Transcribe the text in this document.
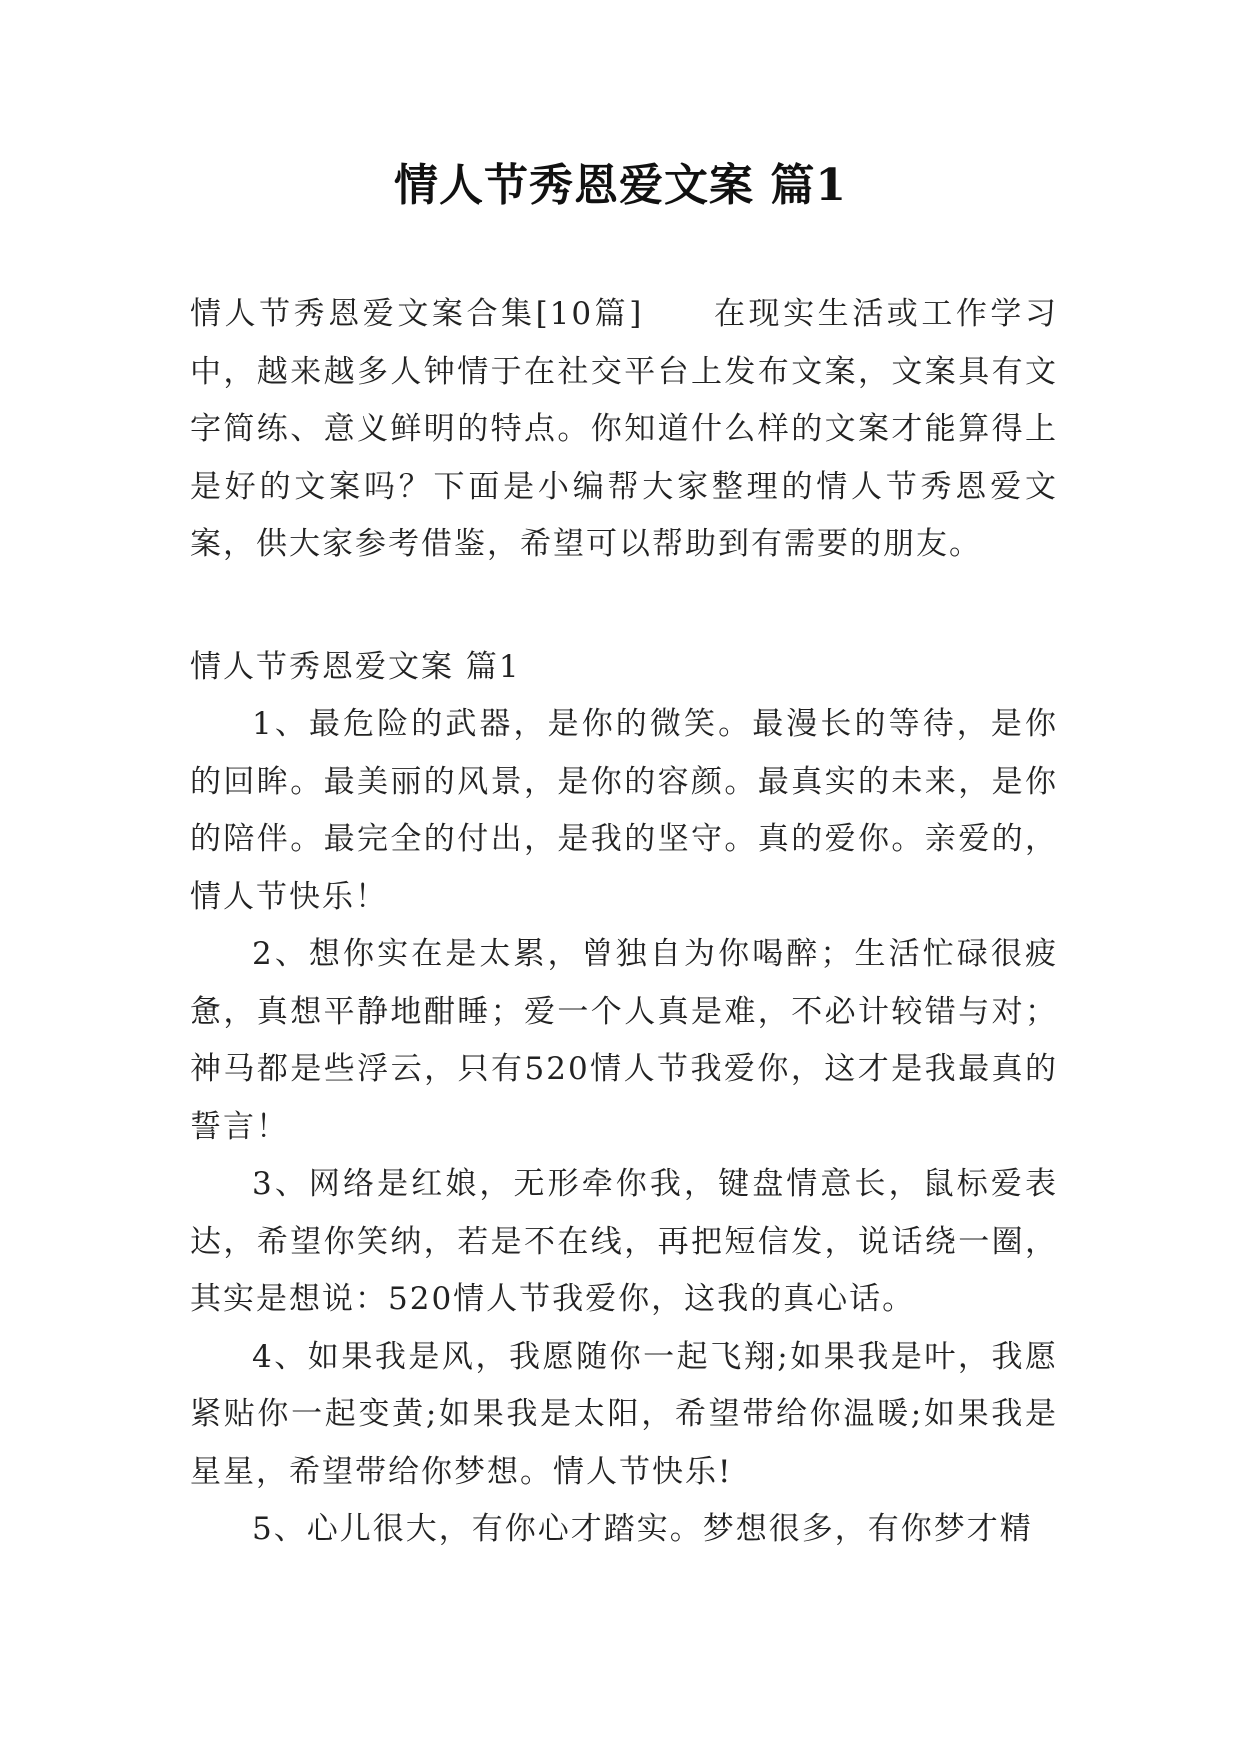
情人节秀恩爱文案 篇1

情人节秀恩爱文案合集[10篇]　　在现实生活或工作学习中，越来越多人钟情于在社交平台上发布文案，文案具有文字简练、意义鲜明的特点。你知道什么样的文案才能算得上是好的文案吗？下面是小编帮大家整理的情人节秀恩爱文案，供大家参考借鉴，希望可以帮助到有需要的朋友。

情人节秀恩爱文案 篇1

1、最危险的武器，是你的微笑。最漫长的等待，是你的回眸。最美丽的风景，是你的容颜。最真实的未来，是你的陪伴。最完全的付出，是我的坚守。真的爱你。亲爱的，情人节快乐！

2、想你实在是太累，曾独自为你喝醉；生活忙碌很疲惫，真想平静地酣睡；爱一个人真是难，不必计较错与对；神马都是些浮云，只有520情人节我爱你，这才是我最真的誓言！

3、网络是红娘，无形牵你我，键盘情意长，鼠标爱表达，希望你笑纳，若是不在线，再把短信发，说话绕一圈，其实是想说：520情人节我爱你，这我的真心话。

4、如果我是风，我愿随你一起飞翔;如果我是叶，我愿紧贴你一起变黄;如果我是太阳，希望带给你温暖;如果我是星星，希望带给你梦想。情人节快乐!

5、心儿很大，有你心才踏实。梦想很多，有你梦才精
